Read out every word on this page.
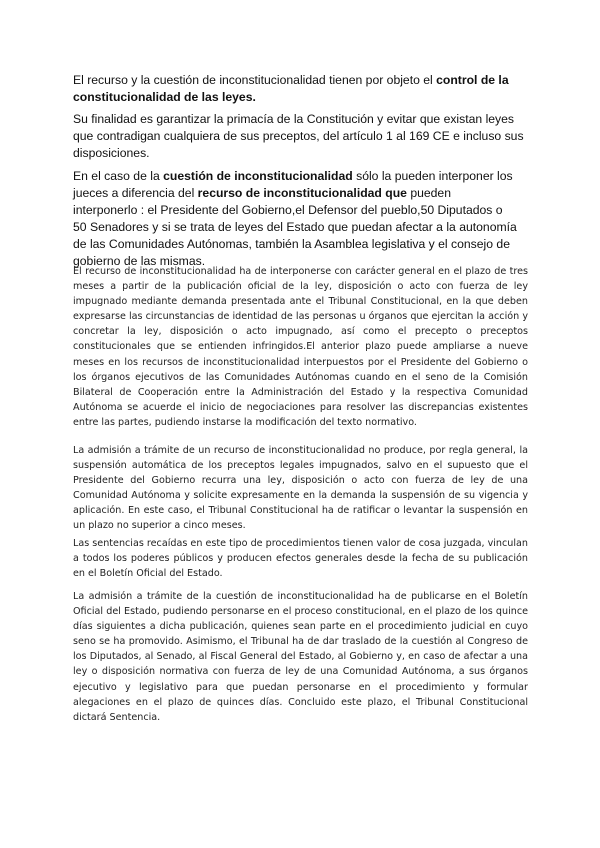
El recurso y la cuestión de inconstitucionalidad tienen por objeto el control de la constitucionalidad de las leyes.

Su finalidad es garantizar la primacía de la Constitución y evitar que existan leyes que contradigan cualquiera de sus preceptos, del artículo 1 al 169 CE e incluso sus disposiciones.

En el caso de la cuestión de inconstitucionalidad sólo la pueden interponer los jueces a diferencia del recurso de inconstitucionalidad que pueden interponerlo : el Presidente del Gobierno,el Defensor del pueblo,50 Diputados o 50 Senadores y si se trata de leyes del Estado que puedan afectar a la autonomía de las Comunidades Autónomas, también la Asamblea legislativa y el consejo de gobierno de las mismas.

El recurso de inconstitucionalidad ha de interponerse con carácter general en el plazo de tres meses a partir de la publicación oficial de la ley, disposición o acto con fuerza de ley impugnado mediante demanda presentada ante el Tribunal Constitucional, en la que deben expresarse las circunstancias de identidad de las personas u órganos que ejercitan la acción y concretar la ley, disposición o acto impugnado, así como el precepto o preceptos constitucionales que se entienden infringidos.El anterior plazo puede ampliarse a nueve meses en los recursos de inconstitucionalidad interpuestos por el Presidente del Gobierno o los órganos ejecutivos de las Comunidades Autónomas cuando en el seno de la Comisión Bilateral de Cooperación entre la Administración del Estado y la respectiva Comunidad Autónoma se acuerde el inicio de negociaciones para resolver las discrepancias existentes entre las partes, pudiendo instarse la modificación del texto normativo.

La admisión a trámite de un recurso de inconstitucionalidad no produce, por regla general, la suspensión automática de los preceptos legales impugnados, salvo en el supuesto que el Presidente del Gobierno recurra una ley, disposición o acto con fuerza de ley de una Comunidad Autónoma y solicite expresamente en la demanda la suspensión de su vigencia y aplicación. En este caso, el Tribunal Constitucional ha de ratificar o levantar la suspensión en un plazo no superior a cinco meses.

Las sentencias recaídas en este tipo de procedimientos tienen valor de cosa juzgada, vinculan a todos los poderes públicos y producen efectos generales desde la fecha de su publicación en el Boletín Oficial del Estado.

La admisión a trámite de la cuestión de inconstitucionalidad ha de publicarse en el Boletín Oficial del Estado, pudiendo personarse en el proceso constitucional, en el plazo de los quince días siguientes a dicha publicación, quienes sean parte en el procedimiento judicial en cuyo seno se ha promovido. Asimismo, el Tribunal ha de dar traslado de la cuestión al Congreso de los Diputados, al Senado, al Fiscal General del Estado, al Gobierno y, en caso de afectar a una ley o disposición normativa con fuerza de ley de una Comunidad Autónoma, a sus órganos ejecutivo y legislativo para que puedan personarse en el procedimiento y formular alegaciones en el plazo de quinces días. Concluido este plazo, el Tribunal Constitucional dictará Sentencia.
